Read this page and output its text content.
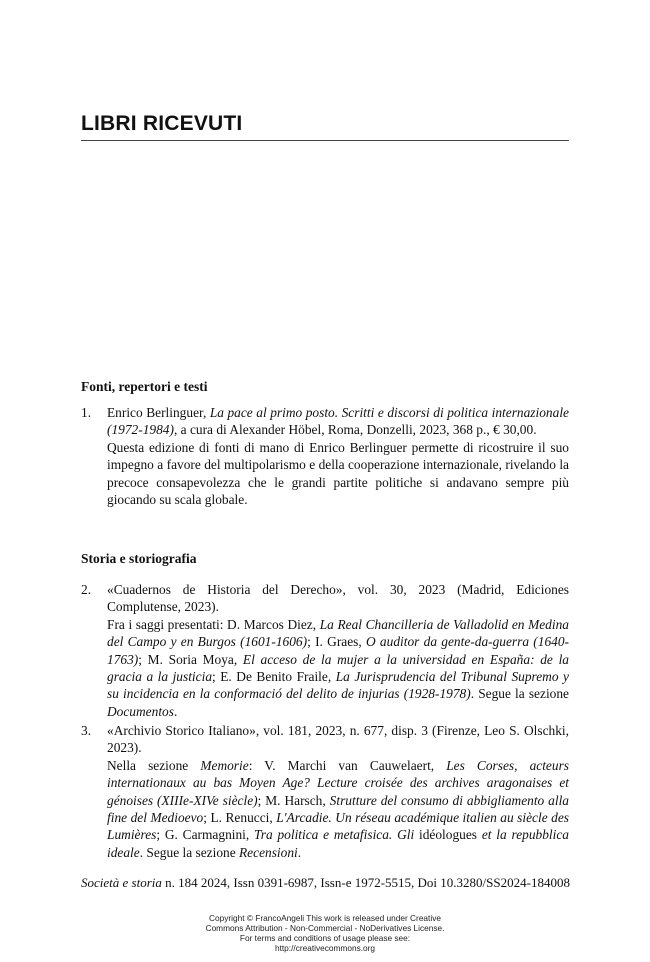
LIBRI RICEVUTI
Fonti, repertori e testi
1. Enrico Berlinguer, La pace al primo posto. Scritti e discorsi di politica internazionale (1972-1984), a cura di Alexander Höbel, Roma, Donzelli, 2023, 368 p., € 30,00.

Questa edizione di fonti di mano di Enrico Berlinguer permette di ricostruire il suo impegno a favore del multipolarismo e della cooperazione internazionale, rivelando la precoce consapevolezza che le grandi partite politiche si andavano sempre più giocando su scala globale.

Storia e storiografia
2. «Cuadernos de Historia del Derecho», vol. 30, 2023 (Madrid, Ediciones Complutense, 2023).

Fra i saggi presentati: D. Marcos Diez, La Real Chancilleria de Valladolid en Medina del Campo y en Burgos (1601-1606); I. Graes, O auditor da gente-da-guerra (1640-1763); M. Soria Moya, El acceso de la mujer a la universidad en España: de la gracia a la justicia; E. De Benito Fraile, La Jurisprudencia del Tribunal Supremo y su incidencia en la conformació del delito de injurias (1928-1978). Segue la sezione Documentos.

3. «Archivio Storico Italiano», vol. 181, 2023, n. 677, disp. 3 (Firenze, Leo S. Olschki, 2023).

Nella sezione Memorie: V. Marchi van Cauwelaert, Les Corses, acteurs internationaux au bas Moyen Age? Lecture croisée des archives aragonaises et génoises (XIIIe-XIVe siècle); M. Harsch, Strutture del consumo di abbigliamento alla fine del Medioevo; L. Renucci, L'Arcadie. Un réseau académique italien au siècle des Lumières; G. Carmagnini, Tra politica e metafisica. Gli idéologues et la repubblica ideale. Segue la sezione Recensioni.

Società e storia n. 184 2024, Issn 0391-6987, Issn-e 1972-5515, Doi 10.3280/SS2024-184008
Copyright © FrancoAngeli This work is released under Creative
Commons Attribution - Non-Commercial - NoDerivatives License.
For terms and conditions of usage please see:
http://creativecommons.org
